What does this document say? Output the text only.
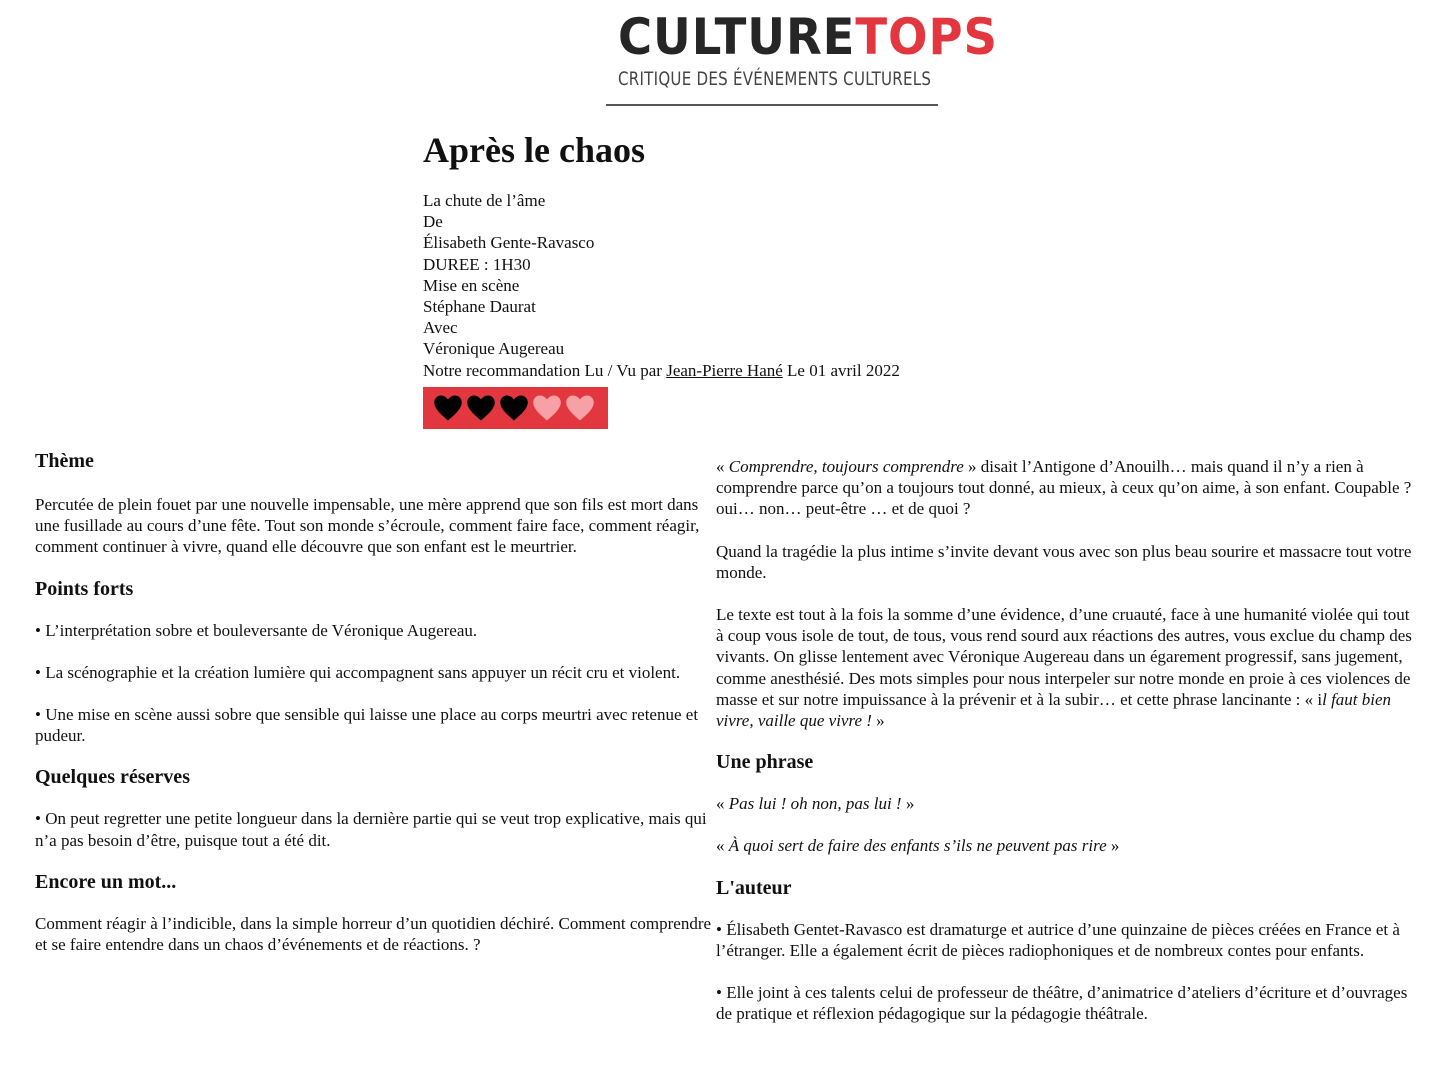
CULTURETOPS
CRITIQUE DES ÉVÉNEMENTS CULTURELS
Après le chaos
La chute de l’âme
De
Élisabeth Gente-Ravasco
DUREE : 1H30
Mise en scène
Stéphane Daurat
Avec
Véronique Augereau
Notre recommandation Lu / Vu par Jean-Pierre Hané Le 01 avril 2022
Thème

Percutée de plein fouet par une nouvelle impensable, une mère apprend que son fils est mort dans une fusillade au cours d’une fête. Tout son monde s’écroule, comment faire face, comment réagir, comment continuer à vivre, quand elle découvre que son enfant est le meurtrier.

Points forts

• L’interprétation sobre et bouleversante de Véronique Augereau.

• La scénographie et la création lumière qui accompagnent sans appuyer un récit cru et violent.

• Une mise en scène aussi sobre que sensible qui laisse une place au corps meurtri avec retenue et pudeur.

Quelques réserves

• On peut regretter une petite longueur dans la dernière partie qui se veut trop explicative, mais qui n’a pas besoin d’être, puisque tout a été dit.

Encore un mot...

Comment réagir à l’indicible, dans la simple horreur d’un quotidien déchiré. Comment comprendre et se faire entendre dans un chaos d’événements et de réactions. ?

« Comprendre, toujours comprendre » disait l’Antigone d’Anouilh… mais quand il n’y a rien à comprendre parce qu’on a toujours tout donné, au mieux, à ceux qu’on aime, à son enfant. Coupable ? oui… non… peut-être … et de quoi ?

Quand la tragédie la plus intime s’invite devant vous avec son plus beau sourire et massacre tout votre monde.

Le texte est tout à la fois la somme d’une évidence, d’une cruauté, face à une humanité violée qui tout à coup vous isole de tout, de tous, vous rend sourd aux réactions des autres, vous exclue du champ des vivants. On glisse lentement avec Véronique Augereau dans un égarement progressif, sans jugement, comme anesthésié. Des mots simples pour nous interpeler sur notre monde en proie à ces violences de masse et sur notre impuissance à la prévenir et à la subir… et cette phrase lancinante : « il faut bien vivre, vaille que vivre ! »

Une phrase

« Pas lui ! oh non, pas lui ! »

« À quoi sert de faire des enfants s’ils ne peuvent pas rire »

L'auteur

• Élisabeth Gentet-Ravasco est dramaturge et autrice d’une quinzaine de pièces créées en France et à l’étranger. Elle a également écrit de pièces radiophoniques et de nombreux contes pour enfants.

• Elle joint à ces talents celui de professeur de théâtre, d’animatrice d’ateliers d’écriture et d’ouvrages de pratique et réflexion pédagogique sur la pédagogie théâtrale.
